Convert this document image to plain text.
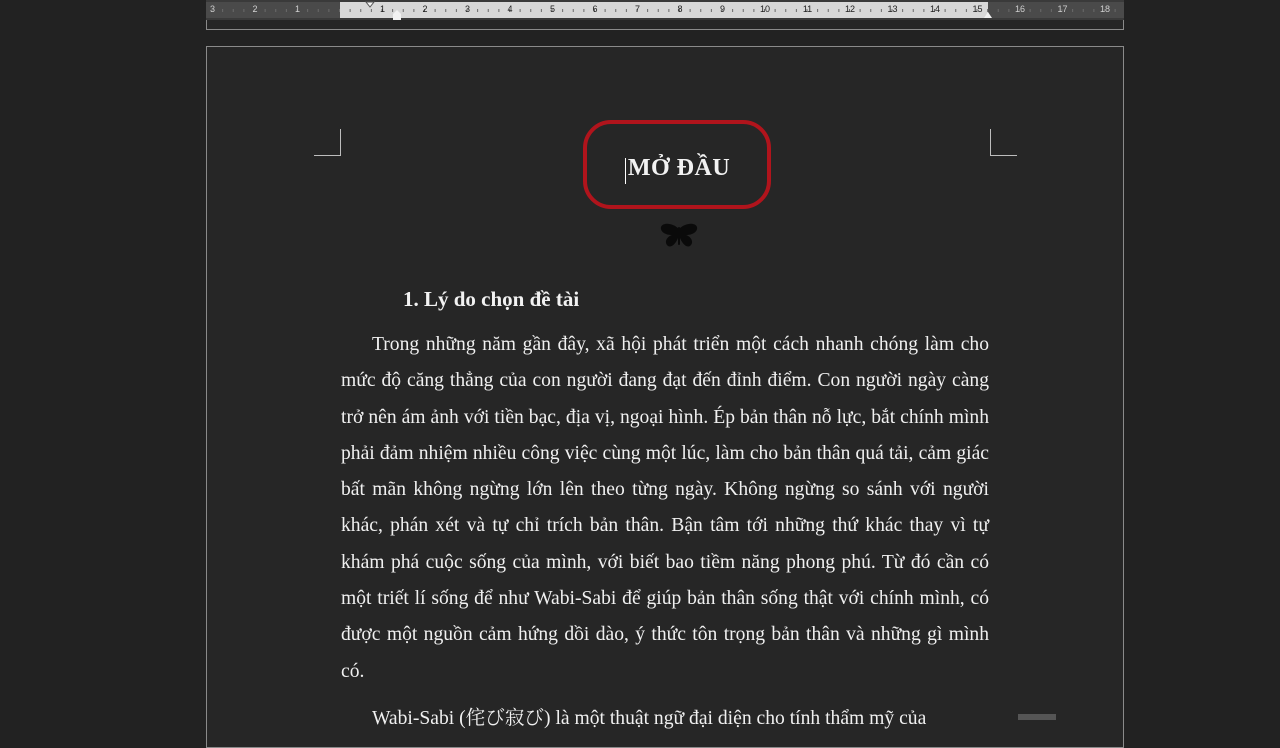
3	2	1	1	2	3	4	5	6	7	8	9	10	11	12	13	14	15	16	17	18
MỞ ĐẦU
1. Lý do chọn đề tài

Trong những năm gần đây, xã hội phát triển một cách nhanh chóng làm cho mức độ căng thẳng của con người đang đạt đến đỉnh điểm. Con người ngày càng trở nên ám ảnh với tiền bạc, địa vị, ngoại hình. Ép bản thân nỗ lực, bắt chính mình phải đảm nhiệm nhiều công việc cùng một lúc, làm cho bản thân quá tải, cảm giác bất mãn không ngừng lớn lên theo từng ngày. Không ngừng so sánh với người khác, phán xét và tự chỉ trích bản thân. Bận tâm tới những thứ khác thay vì tự khám phá cuộc sống của mình, với biết bao tiềm năng phong phú. Từ đó cần có một triết lí sống để như Wabi-Sabi để giúp bản thân sống thật với chính mình, có được một nguồn cảm hứng dồi dào, ý thức tôn trọng bản thân và những gì mình có.

Wabi-Sabi (侘び寂び) là một thuật ngữ đại diện cho tính thẩm mỹ của
